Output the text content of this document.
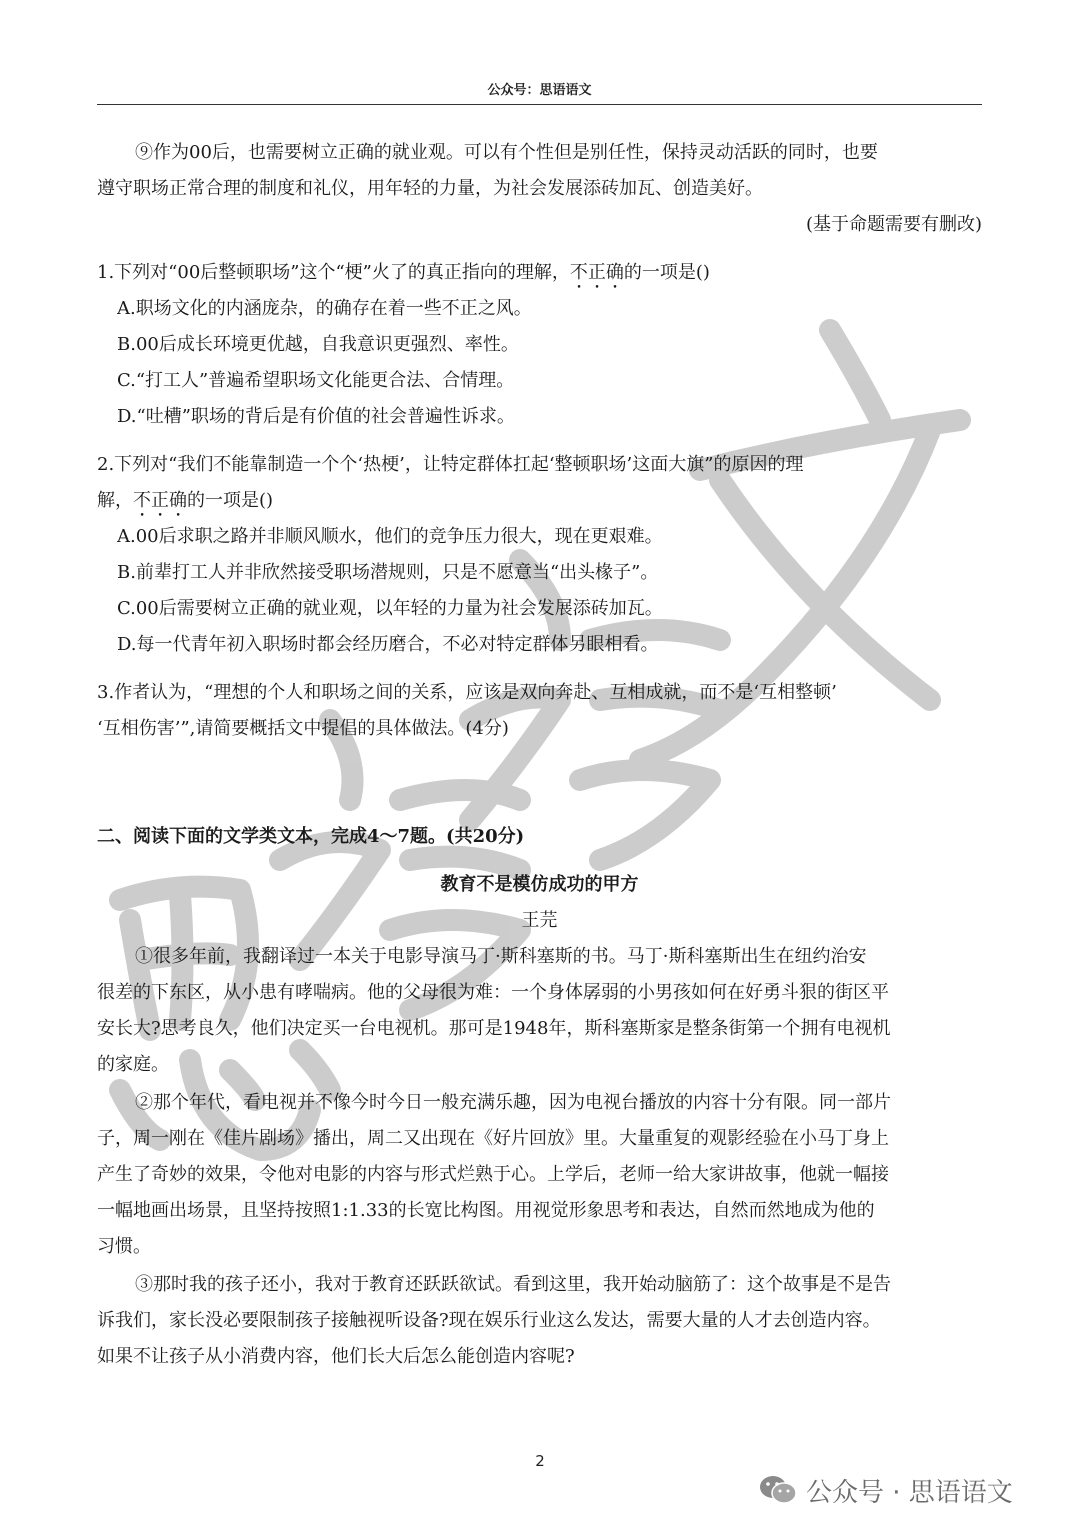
公众号：思语语文
⑨作为00后，也需要树立正确的就业观。可以有个性但是别任性，保持灵动活跃的同时，也要
遵守职场正常合理的制度和礼仪，用年轻的力量，为社会发展添砖加瓦、创造美好。
(基于命题需要有删改)
1.下列对“00后整顿职场”这个“梗”火了的真正指向的理解，不正确的一项是()
A.职场文化的内涵庞杂，的确存在着一些不正之风。
B.00后成长环境更优越，自我意识更强烈、率性。
C.“打工人”普遍希望职场文化能更合法、合情理。
D.“吐槽”职场的背后是有价值的社会普遍性诉求。
2.下列对“我们不能靠制造一个个‘热梗’，让特定群体扛起‘整顿职场’这面大旗”的原因的理
解，不正确的一项是()
A.00后求职之路并非顺风顺水，他们的竞争压力很大，现在更艰难。
B.前辈打工人并非欣然接受职场潜规则，只是不愿意当“出头椽子”。
C.00后需要树立正确的就业观，以年轻的力量为社会发展添砖加瓦。
D.每一代青年初入职场时都会经历磨合，不必对特定群体另眼相看。
3.作者认为，“理想的个人和职场之间的关系，应该是双向奔赴、互相成就，而不是‘互相整顿’
‘互相伤害’”,请简要概括文中提倡的具体做法。(4分)
二、阅读下面的文学类文本，完成4～7题。(共20分)
教育不是模仿成功的甲方
王芫
①很多年前，我翻译过一本关于电影导演马丁·斯科塞斯的书。马丁·斯科塞斯出生在纽约治安
很差的下东区，从小患有哮喘病。他的父母很为难：一个身体孱弱的小男孩如何在好勇斗狠的街区平
安长大?思考良久，他们决定买一台电视机。那可是1948年，斯科塞斯家是整条街第一个拥有电视机
的家庭。
②那个年代，看电视并不像今时今日一般充满乐趣，因为电视台播放的内容十分有限。同一部片
子，周一刚在《佳片剧场》播出，周二又出现在《好片回放》里。大量重复的观影经验在小马丁身上
产生了奇妙的效果，令他对电影的内容与形式烂熟于心。上学后，老师一给大家讲故事，他就一幅接
一幅地画出场景，且坚持按照1:1.33的长宽比构图。用视觉形象思考和表达，自然而然地成为他的
习惯。
③那时我的孩子还小，我对于教育还跃跃欲试。看到这里，我开始动脑筋了：这个故事是不是告
诉我们，家长没必要限制孩子接触视听设备?现在娱乐行业这么发达，需要大量的人才去创造内容。
如果不让孩子从小消费内容，他们长大后怎么能创造内容呢?
2
公众号 · 思语语文
